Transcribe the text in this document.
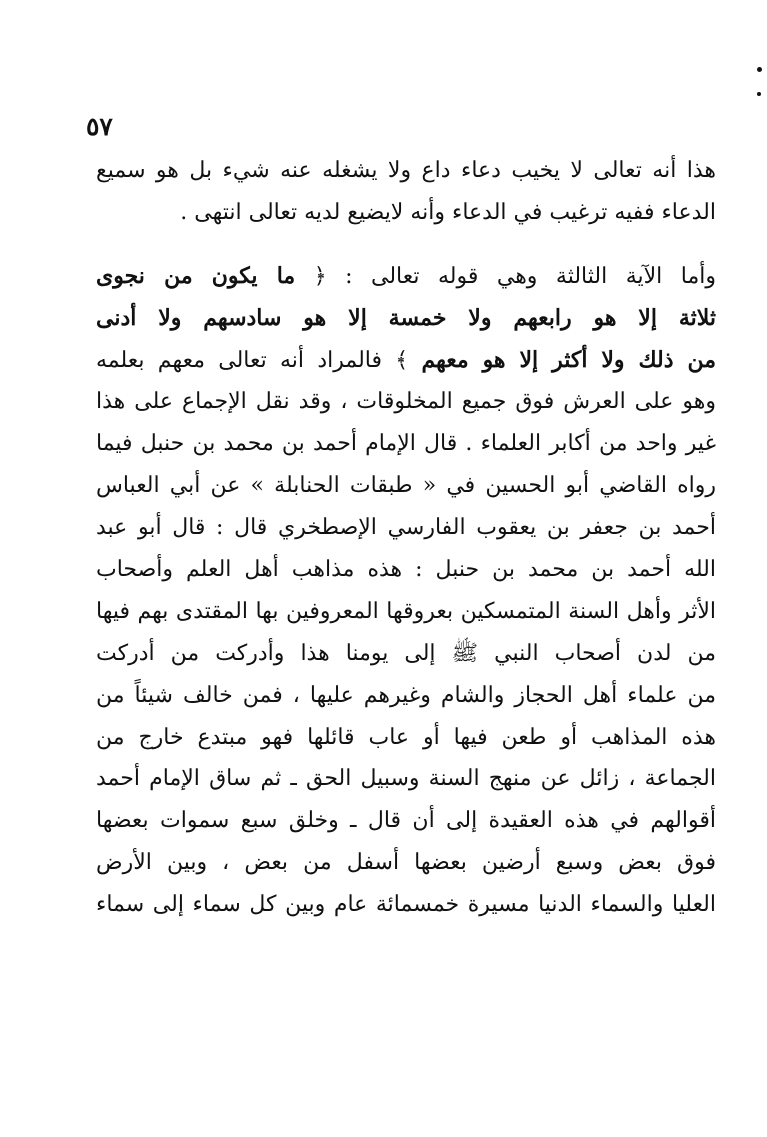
٥٧
هذا أنه تعالى لا يخيب دعاء داع ولا يشغله عنه شيء بل هو سميع
الدعاء ففيه ترغيب في الدعاء وأنه لايضيع لديه تعالى انتهى .
وأما الآية الثالثة وهي قوله تعالى : ﴿ ما يكون من نجوى
ثلاثة إلا هو رابعهم ولا خمسة إلا هو سادسهم ولا أدنى
من ذلك ولا أكثر إلا هو معهم ﴾ فالمراد أنه تعالى معهم بعلمه
وهو على العرش فوق جميع المخلوقات ، وقد نقل الإجماع على هذا
غير واحد من أكابر العلماء . قال الإمام أحمد بن محمد بن حنبل فيما
رواه القاضي أبو الحسين في « طبقات الحنابلة » عن أبي العباس
أحمد بن جعفر بن يعقوب الفارسي الإصطخري قال : قال أبو عبد
الله أحمد بن محمد بن حنبل : هذه مذاهب أهل العلم وأصحاب
الأثر وأهل السنة المتمسكين بعروقها المعروفين بها المقتدى بهم فيها
من لدن أصحاب النبي ﷺ إلى يومنا هذا وأدركت من أدركت
من علماء أهل الحجاز والشام وغيرهم عليها ، فمن خالف شيئاً من
هذه المذاهب أو طعن فيها أو عاب قائلها فهو مبتدع خارج من
الجماعة ، زائل عن منهج السنة وسبيل الحق ـ ثم ساق الإمام أحمد
أقوالهم في هذه العقيدة إلى أن قال ـ وخلق سبع سموات بعضها
فوق بعض وسبع أرضين بعضها أسفل من بعض ، وبين الأرض
العليا والسماء الدنيا مسيرة خمسمائة عام وبين كل سماء إلى سماء
